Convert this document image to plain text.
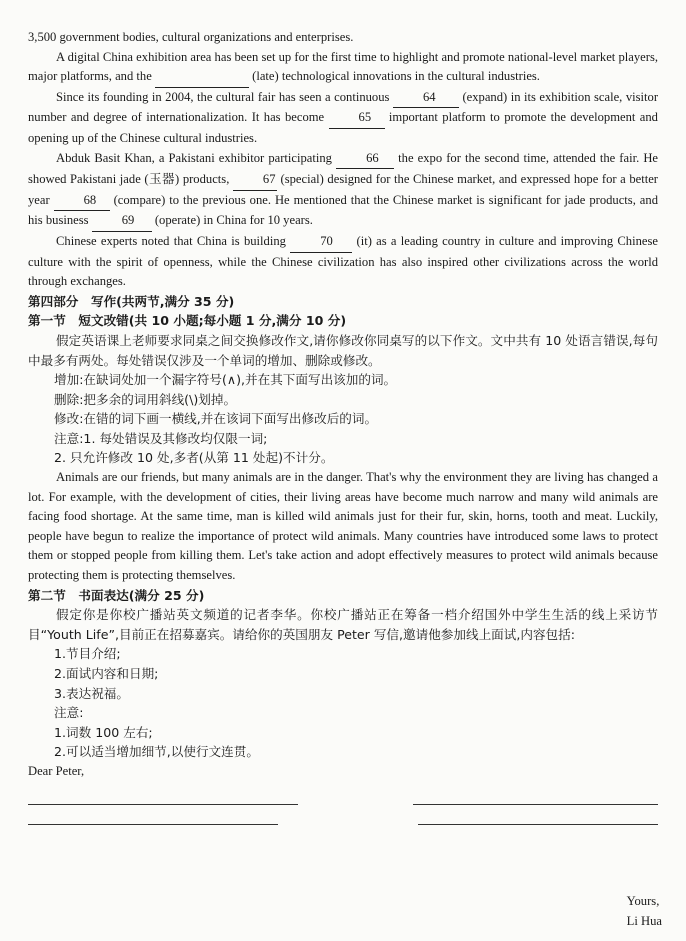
3,500 government bodies, cultural organizations and enterprises.

A digital China exhibition area has been set up for the first time to highlight and promote national-level market players, major platforms, and the	(late) technological innovations in the cultural industries.

Since its founding in 2004, the cultural fair has seen a continuous	64 (expand) in its exhibition scale, visitor number and degree of internationalization. It has become	65 important platform to promote the development and opening up of the Chinese cultural industries.

Abduk Basit Khan, a Pakistani exhibitor participating	66 the expo for the second time, attended the fair. He showed Pakistani jade (玉器) products,	67 (special) designed for the Chinese market, and expressed hope for a better year	68 (compare) to the previous one. He mentioned that the Chinese market is significant for jade products, and his business	69 (operate) in China for 10 years.

Chinese experts noted that China is building	70 (it) as a leading country in culture and improving Chinese culture with the spirit of openness, while the Chinese civilization has also inspired other civilizations across the world through exchanges.

第四部分　写作(共两节,满分 35 分)

第一节　短文改错(共 10 小题;每小题 1 分,满分 10 分)

假定英语课上老师要求同桌之间交换修改作文,请你修改你同桌写的以下作文。文中共有 10 处语言错误,每句中最多有两处。每处错误仅涉及一个单词的增加、删除或修改。

增加:在缺词处加一个漏字符号(∧),并在其下面写出该加的词。

删除:把多余的词用斜线(\)划掉。

修改:在错的词下画一横线,并在该词下面写出修改后的词。

注意:1. 每处错误及其修改均仅限一词;

2. 只允许修改 10 处,多者(从第 11 处起)不计分。

Animals are our friends, but many animals are in the danger. That's why the environment they are living has changed a lot. For example, with the development of cities, their living areas have become much narrow and many wild animals are facing food shortage. At the same time, man is killed wild animals just for their fur, skin, horns, tooth and meat. Luckily, people have begun to realize the importance of protect wild animals. Many countries have introduced some laws to protect them or stopped people from killing them. Let's take action and adopt effectively measures to protect wild animals because protecting them is protecting themselves.

第二节　书面表达(满分 25 分)

假定你是你校广播站英文频道的记者李华。你校广播站正在筹备一档介绍国外中学生生活的线上采访节目“Youth Life”,目前正在招募嘉宾。请给你的英国朋友 Peter 写信,邀请他参加线上面试,内容包括:

1.节目介绍;

2.面试内容和日期;

3.表达祝福。

注意:

1.词数 100 左右;

2.可以适当增加细节,以使行文连贯。

Dear Peter,

Yours,
Li Hua
